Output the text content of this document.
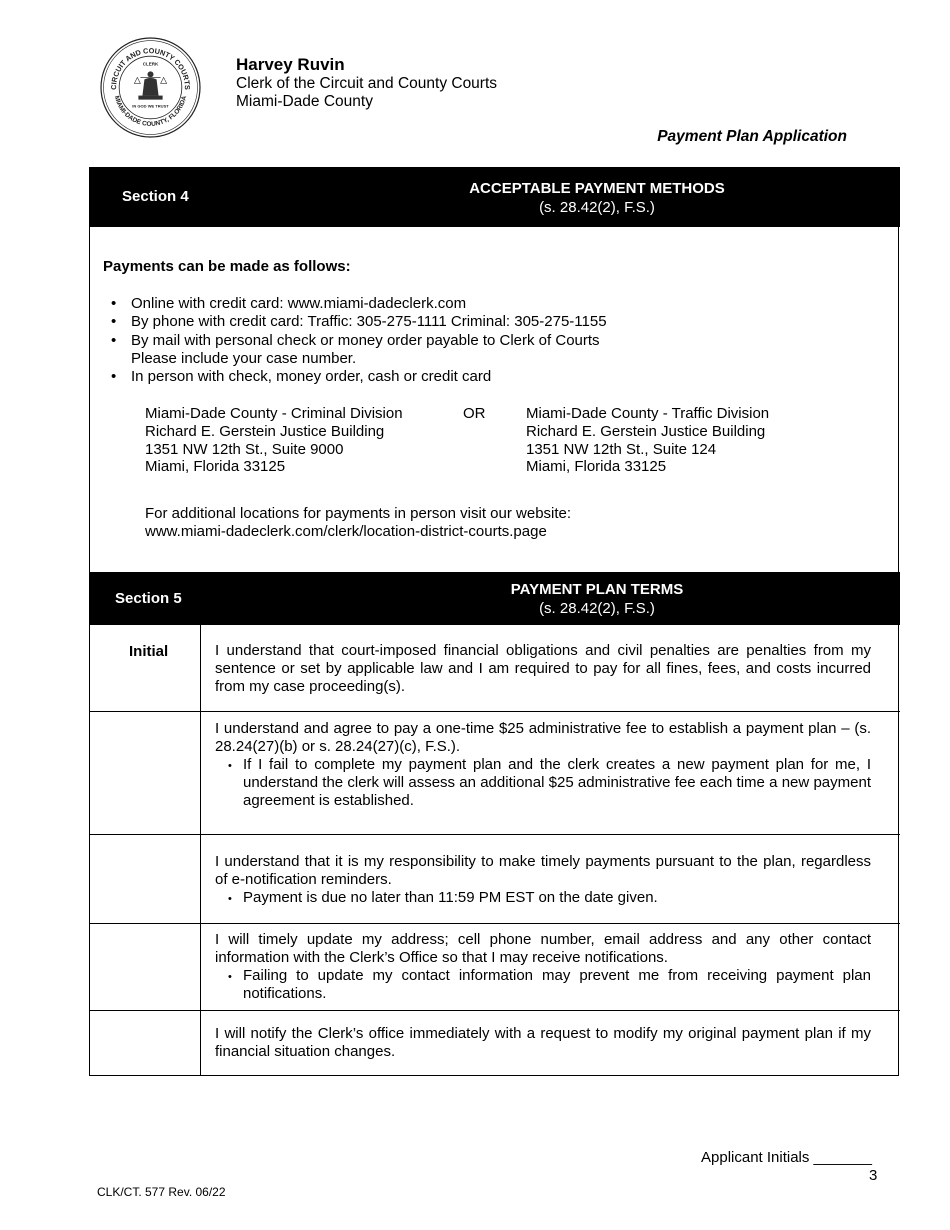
CIRCUIT AND COUNTY COURTS
MIAMI-DADE COUNTY, FLORIDA
CLERK
IN GOD WE TRUST
Harvey Ruvin
Clerk of the Circuit and County Courts
Miami-Dade County
Payment Plan Application
Section 4	ACCEPTABLE PAYMENT METHODS
(s. 28.42(2), F.S.)
Payments can be made as follows:
• Online with credit card: www.miami-dadeclerk.com
• By phone with credit card: Traffic: 305-275-1111 Criminal: 305-275-1155
• By mail with personal check or money order payable to Clerk of Courts
Please include your case number.
• In person with check, money order, cash or credit card
Miami-Dade County - Criminal Division
Richard E. Gerstein Justice Building
1351 NW 12th St., Suite 9000
Miami, Florida 33125
OR	Miami-Dade County - Traffic Division
Richard E. Gerstein Justice Building
1351 NW 12th St., Suite 124
Miami, Florida 33125
For additional locations for payments in person visit our website:
www.miami-dadeclerk.com/clerk/location-district-courts.page
Section 5
PAYMENT PLAN TERMS
(s. 28.42(2), F.S.)
Initial	I understand that court-imposed financial obligations and civil penalties are penalties from my sentence or set by applicable law and I am required to pay for all fines, fees, and costs incurred from my case proceeding(s).
I understand and agree to pay a one-time $25 administrative fee to establish a payment plan – (s. 28.24(27)(b) or s. 28.24(27)(c), F.S.).
• If I fail to complete my payment plan and the clerk creates a new payment plan for me, I understand the clerk will assess an additional $25 administrative fee each time a new payment agreement is established.
I understand that it is my responsibility to make timely payments pursuant to the plan, regardless of e-notification reminders.
• Payment is due no later than 11:59 PM EST on the date given.
I will timely update my address; cell phone number, email address and any other contact information with the Clerk’s Office so that I may receive notifications.
• Failing to update my contact information may prevent me from receiving payment plan notifications.
I will notify the Clerk’s office immediately with a request to modify my original payment plan if my financial situation changes.
Applicant Initials _______
3
CLK/CT. 577 Rev. 06/22
